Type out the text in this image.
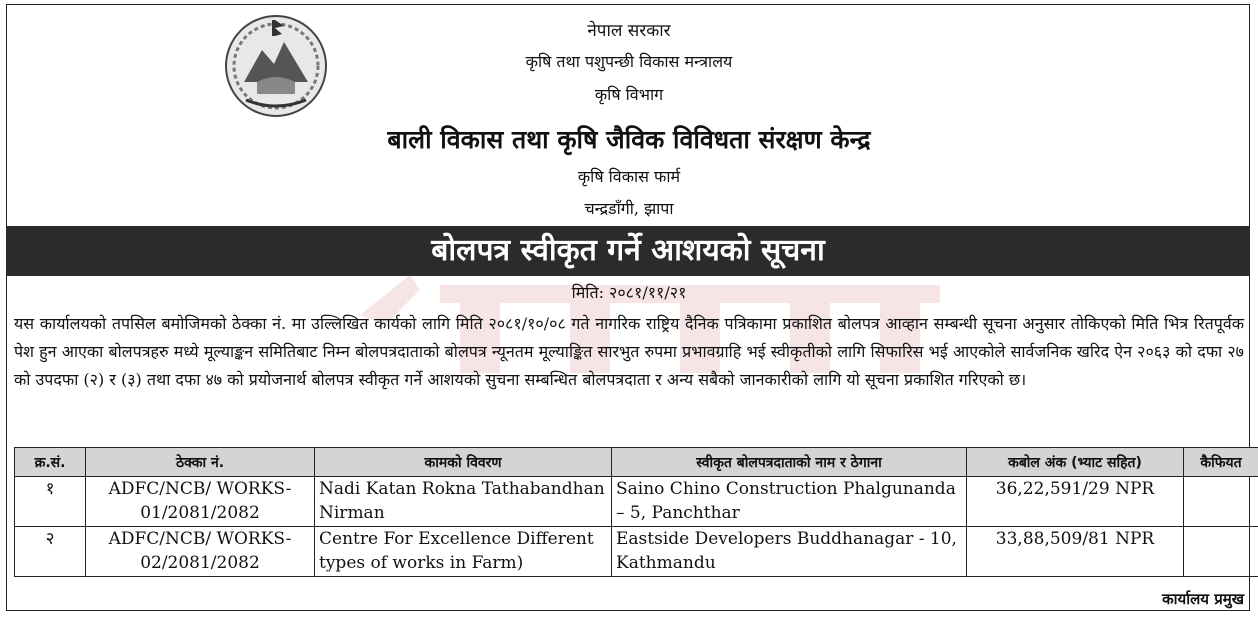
नेपाल सरकार
कृषि तथा पशुपन्छी विकास मन्त्रालय
कृषि विभाग
बाली विकास तथा कृषि जैविक विविधता संरक्षण केन्द्र
कृषि विकास फार्म
चन्द्रडाँगी, झापा
बोलपत्र स्वीकृत गर्ने आशयको सूचना
मिति: २०८१/११/२१
यस कार्यालयको तपसिल बमोजिमको ठेक्का नं. मा उल्लिखित कार्यको लागि मिति २०८१/१०/०८ गते नागरिक राष्ट्रिय दैनिक पत्रिकामा प्रकाशित बोलपत्र आव्हान सम्बन्धी सूचना अनुसार तोकिएको मिति भित्र रितपूर्वक पेश हुन आएका बोलपत्रहरु मध्ये मूल्याङ्कन समितिबाट निम्न बोलपत्रदाताको बोलपत्र न्यूनतम मूल्याङ्कित सारभुत रुपमा प्रभावग्राहि भई स्वीकृतीको लागि सिफारिस भई आएकोले सार्वजनिक खरिद ऐन २०६३ को दफा २७ को उपदफा (२) र (३) तथा दफा ४७ को प्रयोजनार्थ बोलपत्र स्वीकृत गर्ने आशयको सुचना सम्बन्धित बोलपत्रदाता र अन्य सबैको जानकारीको लागि यो सूचना प्रकाशित गरिएको छ।
क्र.सं.	ठेक्का नं.	कामको विवरण	स्वीकृत बोलपत्रदाताको नाम र ठेगाना	कबोल अंक (भ्याट सहित)	कैफियत
१	ADFC/NCB/ WORKS-01/2081/2082	Nadi Katan Rokna Tathabandhan Nirman	Saino Chino Construction Phalgunanda – 5, Panchthar	36,22,591/29 NPR	
२	ADFC/NCB/ WORKS-02/2081/2082	Centre For Excellence Different types of works in Farm)	Eastside Developers Buddhanagar - 10, Kathmandu	33,88,509/81 NPR	
कार्यालय प्रमुख
